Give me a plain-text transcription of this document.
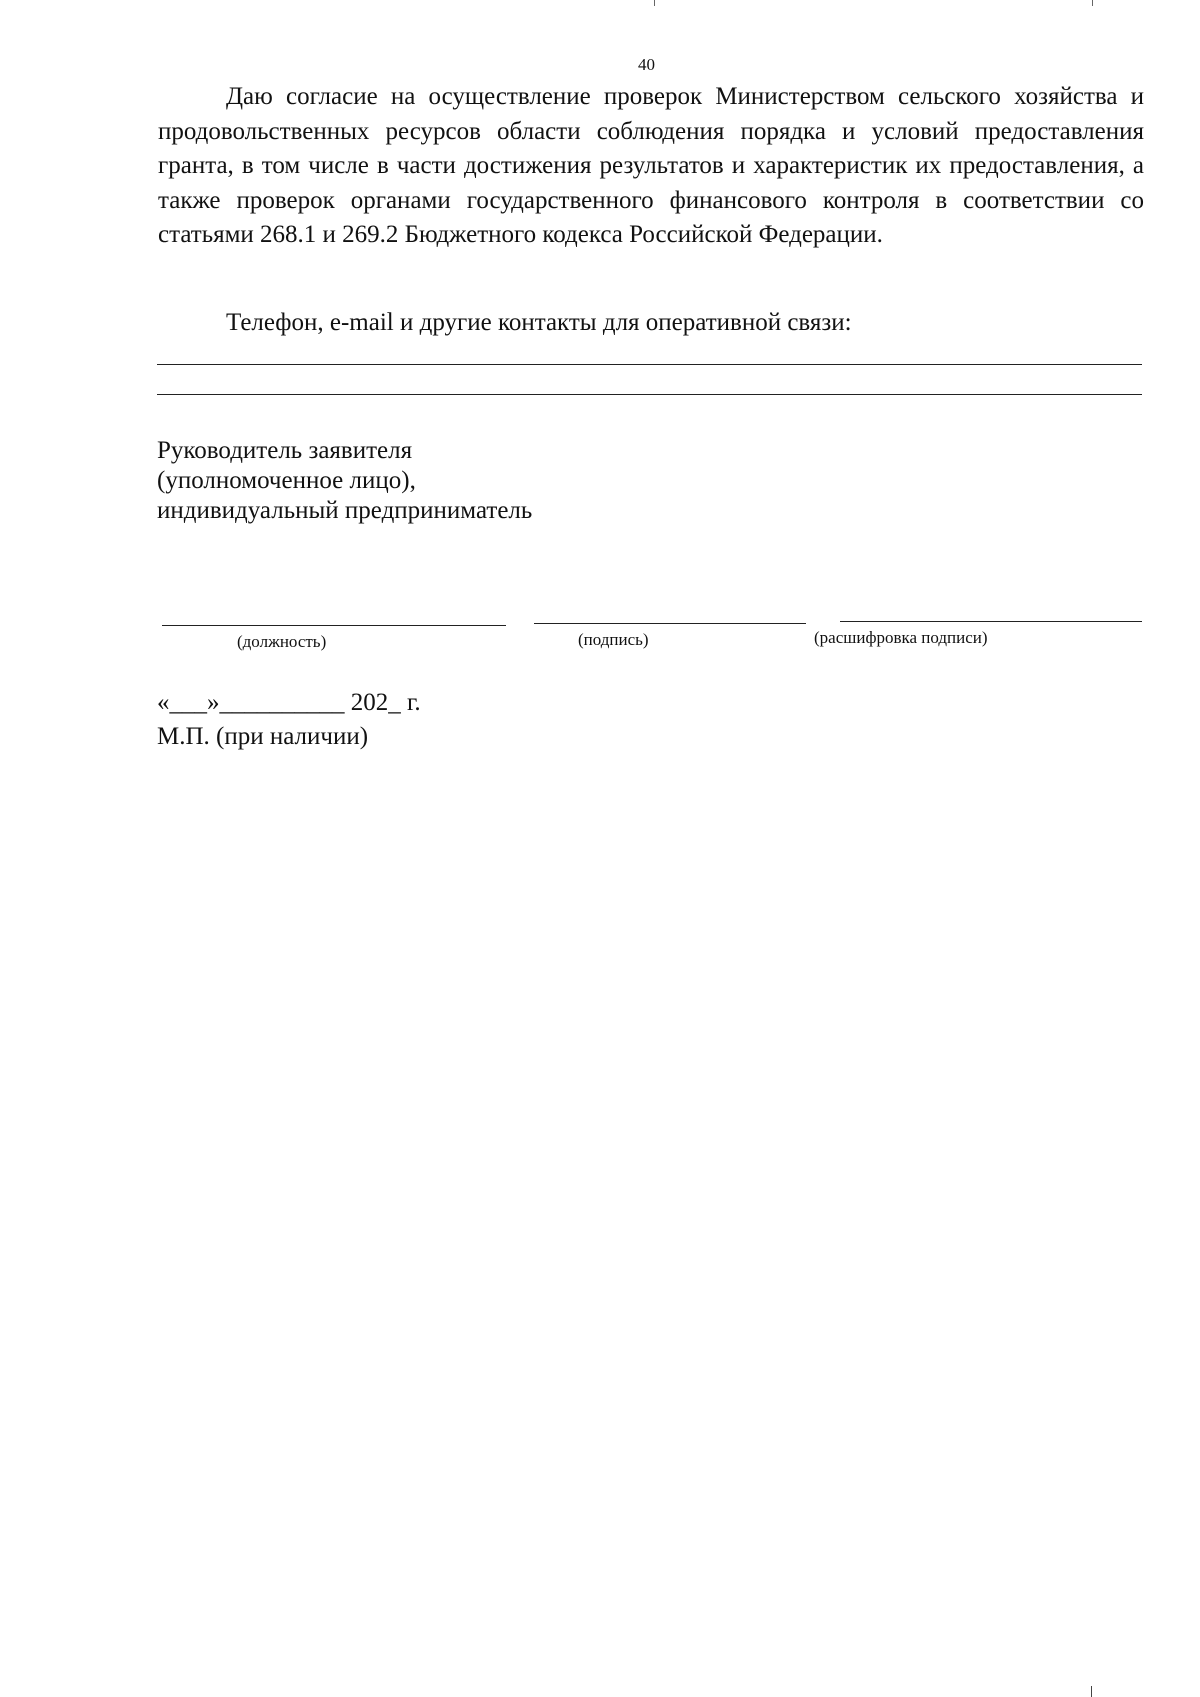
40

Даю согласие на осуществление проверок Министерством сельского хозяйства и продовольственных ресурсов области соблюдения порядка и условий предоставления гранта, в том числе в части достижения результатов и характеристик их предоставления, а также проверок органами государственного финансового контроля в соответствии со статьями 268.1 и 269.2 Бюджетного кодекса Российской Федерации.

Телефон, e-mail и другие контакты для оперативной связи:
Руководитель заявителя
(уполномоченное лицо),
индивидуальный предприниматель
(должность)	(подпись)	(расшифровка подписи)
«___»__________ 202_ г.
М.П. (при наличии)
